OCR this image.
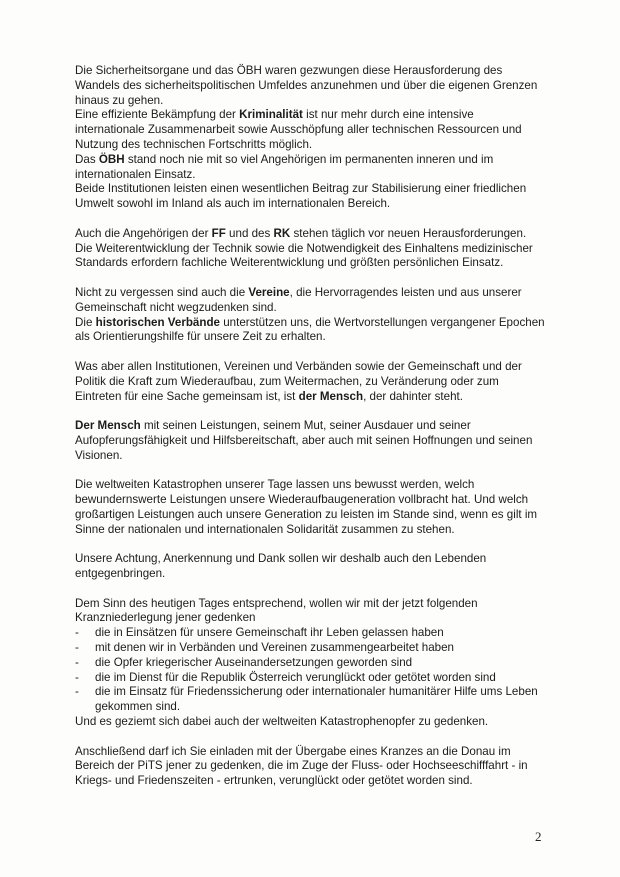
Die Sicherheitsorgane und das ÖBH waren gezwungen diese Herausforderung des Wandels des sicherheitspolitischen Umfeldes anzunehmen und über die eigenen Grenzen hinaus zu gehen.

Eine effiziente Bekämpfung der Kriminalität ist nur mehr durch eine intensive internationale Zusammenarbeit sowie Ausschöpfung aller technischen Ressourcen und Nutzung des technischen Fortschritts möglich.

Das ÖBH stand noch nie mit so viel Angehörigen im permanenten inneren und im internationalen Einsatz.

Beide Institutionen leisten einen wesentlichen Beitrag zur Stabilisierung einer friedlichen Umwelt sowohl im Inland als auch im internationalen Bereich.

Auch die Angehörigen der FF und des RK stehen täglich vor neuen Herausforderungen. Die Weiterentwicklung der Technik sowie die Notwendigkeit des Einhaltens medizinischer Standards erfordern fachliche Weiterentwicklung und größten persönlichen Einsatz.

Nicht zu vergessen sind auch die Vereine, die Hervorragendes leisten und aus unserer Gemeinschaft nicht wegzudenken sind.

Die historischen Verbände unterstützen uns, die Wertvorstellungen vergangener Epochen als Orientierungshilfe für unsere Zeit zu erhalten.

Was aber allen Institutionen, Vereinen und Verbänden sowie der Gemeinschaft und der Politik die Kraft zum Wiederaufbau, zum Weitermachen, zu Veränderung oder zum Eintreten für eine Sache gemeinsam ist, ist der Mensch, der dahinter steht.

Der Mensch mit seinen Leistungen, seinem Mut, seiner Ausdauer und seiner Aufopferungsfähigkeit und Hilfsbereitschaft, aber auch mit seinen Hoffnungen und seinen Visionen.

Die weltweiten Katastrophen unserer Tage lassen uns bewusst werden, welch bewundernswerte Leistungen unsere Wiederaufbaugeneration vollbracht hat. Und welch großartigen Leistungen auch unsere Generation zu leisten im Stande sind, wenn es gilt im Sinne der nationalen und internationalen Solidarität zusammen zu stehen.

Unsere Achtung, Anerkennung und Dank sollen wir deshalb auch den Lebenden entgegenbringen.

Dem Sinn des heutigen Tages entsprechend, wollen wir mit der jetzt folgenden Kranzniederlegung jener gedenken

- die in Einsätzen für unsere Gemeinschaft ihr Leben gelassen haben
- mit denen wir in Verbänden und Vereinen zusammengearbeitet haben
- die Opfer kriegerischer Auseinandersetzungen geworden sind
- die im Dienst für die Republik Österreich verunglückt oder getötet worden sind
- die im Einsatz für Friedenssicherung oder internationaler humanitärer Hilfe ums Leben gekommen sind.

Und es geziemt sich dabei auch der weltweiten Katastrophenopfer zu gedenken.

Anschließend darf ich Sie einladen mit der Übergabe eines Kranzes an die Donau im Bereich der PiTS jener zu gedenken, die im Zuge der Fluss- oder Hochseeschifffahrt - in Kriegs- und Friedenszeiten - ertrunken, verunglückt oder getötet worden sind.

2
